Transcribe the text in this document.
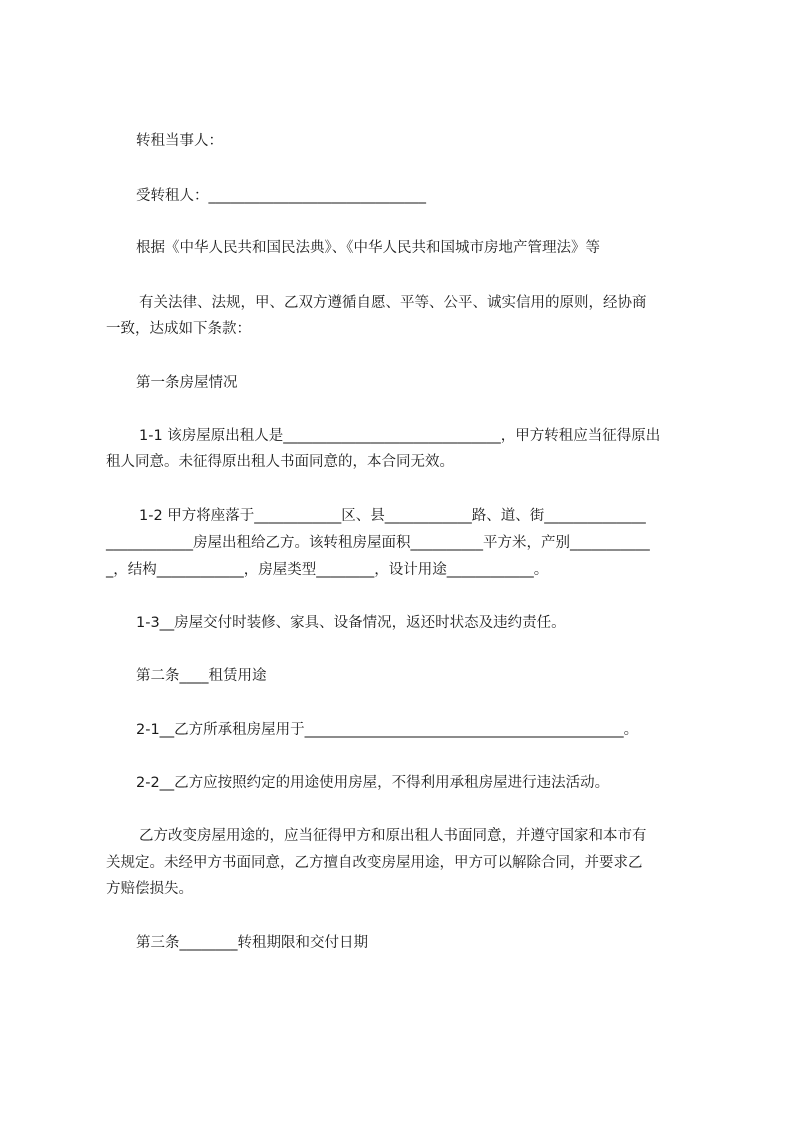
转租当事人：

受转租人：______________________________

根据《中华人民共和国民法典》、《中华人民共和国城市房地产管理法》等

有关法律、法规，甲、乙双方遵循自愿、平等、公平、诚实信用的原则，经协商

一致，达成如下条款：

第一条房屋情况

1-1 该房屋原出租人是______________________________，甲方转租应当征得原出

租人同意。未征得原出租人书面同意的，本合同无效。

1-2 甲方将座落于____________区、县____________路、道、街______________

____________房屋出租给乙方。该转租房屋面积__________平方米，产别___________

_，结构____________，房屋类型________，设计用途____________。

1-3__房屋交付时装修、家具、设备情况，返还时状态及违约责任。

第二条____租赁用途

2-1__乙方所承租房屋用于____________________________________________。

2-2__乙方应按照约定的用途使用房屋，不得利用承租房屋进行违法活动。

乙方改变房屋用途的，应当征得甲方和原出租人书面同意，并遵守国家和本市有

关规定。未经甲方书面同意，乙方擅自改变房屋用途，甲方可以解除合同，并要求乙

方赔偿损失。

第三条________转租期限和交付日期
